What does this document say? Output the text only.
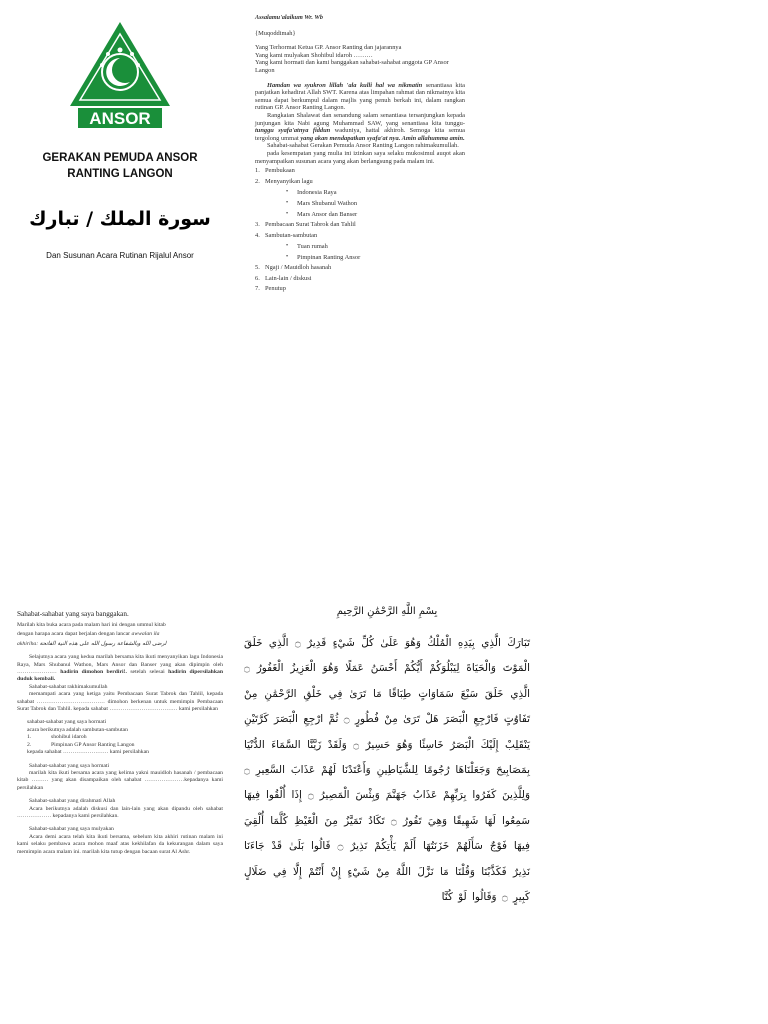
ANSOR
GERAKAN PEMUDA ANSOR
RANTING LANGON
سورة الملك / تبارك
Dan Susunan Acara Rutinan Rijalul Ansor

Assalamu'alaikum Wr. Wb

{Muqoddimah}

Yang Terhormat Ketua GP. Ansor Ranting dan jajarannya

Yang kami mulyakan Shohibul idaroh ………

Yang kami hormati dan kami banggakan sahabat-sahabat anggota GP Ansor Langon

Hamdan wa syukron lillah 'ala kulli hal wa nikmatin senantiasa kita panjatkan kehadirat Allah SWT. Karena atas limpahan rahmat dan nikmatnya kita semua dapat berkumpul dalam majlis yang penuh berkah ini, dalam rangkan rutinan GP. Ansor Ranting Langon.

Rangkaian Shalawat dan senandung salam senantiasa tersanjungkan kepada junjungan kita Nabi agung Muhammad SAW, yang senantiasa kita tunggu-tunggu syafa'atnya fiddun waduniya, hattal akhiroh. Semoga kita semua tergolong ummat yang akan mendapatkan syafa'at nya. Amin allahumma amin.

Sahabat-sahabat Gerakan Pemuda Ansor Ranting Langon rahimakumullah.

pada kesempatan yang mulia ini izinkan saya selaku mukosimul auqot akan menyampaikan susunan acara yang akan berlangsung pada malam ini.

1. Pembukaan
2. Menyanyikan lagu
• Indonesia Raya
• Mars Shubanul Wathon
• Mars Ansor dan Banser
3. Pembacaan Surat Tabrok dan Tahlil
4. Sambutan-sambutan
• Tuan rumah
• Pimpinan Ranting Ansor
5. Ngaji / Mauidloh hasanah
6. Lain-lain / diskusi
7. Penutup

Sahabat-sahabat yang saya banggakan.

Marilah kita buka acara pada malam hari ini dengan ummul kitab

dengan harapa acara dapat berjalan dengan lancar awwalan ila

akhiriha: لرضى الله وبالشفاعة رسول الله على هذه النية الفاتحة

Selajutnya acara yang kedua marilah bersama kita ikuti menyanyikan lagu Indonesia Raya, Mars Shubanul Wathon, Mars Ansor dan Banser yang akan dipimpin oleh ………………… hadirin dimohon berdiri!. setelah selesai hadirin dipersilahkan duduk kembali.

Sahabat-sahabat rakhimakumullah

memampati acara yang ketiga yaitu Pembacaan Surat Tabrok dan Tahlil, kepada sahabat ……………………………… dimohon berkenan untuk memimpin Pembacaan Surat Tabrok dan Tahlil. kepada sahabat ……………………………… kami persilahkan

sahabat-sahabat yang saya hormati

acara berikutnya adalah sambutan-sambutan

1.	shohibul idaroh
2.	Pimpinan GP Ansor Ranting Langon

kepada sahabat …………………… kami persilahkan

Sahabat-sahabat yang saya hormati

marilah kita ikuti bersama acara yang kelima yakni mauidloh hasanah / pembacaan kitab ……… yang akan disampaikan oleh sahabat …………………kepadanya kami persilahkan

Sahabat-sahabat yang dirahmati Allah

Acara berikutnya adalah diskusi dan lain-lain yang akan dipandu oleh sahabat ……………… kepadanya kami persilahkan.

Sahabat-sahabat yang saya mulyakan

Acara demi acara telah kita ikuti bersama, sebelum kita akhiri rutinan malam ini kami selaku pembawa acara mohon maaf atas kekhilafan da kekurangan dalam saya memimpin acara malam ini. marilah kita tutup dengan bacaan surat Al Ashr.

بِسْمِ اللَّهِ الرَّحْمَٰنِ الرَّحِيمِ

تَبَارَكَ الَّذِي بِيَدِهِ الْمُلْكُ وَهُوَ عَلَىٰ كُلِّ شَيْءٍ قَدِيرٌ ۝ الَّذِي خَلَقَ الْمَوْتَ وَالْحَيَاةَ لِيَبْلُوَكُمْ أَيُّكُمْ أَحْسَنُ عَمَلًا وَهُوَ الْعَزِيزُ الْغَفُورُ ۝ الَّذِي خَلَقَ سَبْعَ سَمَاوَاتٍ طِبَاقًا مَا تَرَىٰ فِي خَلْقِ الرَّحْمَٰنِ مِنْ تَفَاوُتٍ فَارْجِعِ الْبَصَرَ هَلْ تَرَىٰ مِنْ فُطُورٍ ۝ ثُمَّ ارْجِعِ الْبَصَرَ كَرَّتَيْنِ يَنْقَلِبْ إِلَيْكَ الْبَصَرُ خَاسِئًا وَهُوَ حَسِيرٌ ۝ وَلَقَدْ زَيَّنَّا السَّمَاءَ الدُّنْيَا بِمَصَابِيحَ وَجَعَلْنَاهَا رُجُومًا لِلشَّيَاطِينِ وَأَعْتَدْنَا لَهُمْ عَذَابَ السَّعِيرِ ۝ وَلِلَّذِينَ كَفَرُوا بِرَبِّهِمْ عَذَابُ جَهَنَّمَ وَبِئْسَ الْمَصِيرُ ۝ إِذَا أُلْقُوا فِيهَا سَمِعُوا لَهَا شَهِيقًا وَهِيَ تَفُورُ ۝ تَكَادُ تَمَيَّزُ مِنَ الْغَيْظِ كُلَّمَا أُلْقِيَ فِيهَا فَوْجٌ سَأَلَهُمْ خَزَنَتُهَا أَلَمْ يَأْتِكُمْ نَذِيرٌ ۝ قَالُوا بَلَىٰ قَدْ جَاءَنَا نَذِيرٌ فَكَذَّبْنَا وَقُلْنَا مَا نَزَّلَ اللَّهُ مِنْ شَيْءٍ إِنْ أَنْتُمْ إِلَّا فِي ضَلَالٍ كَبِيرٍ ۝ وَقَالُوا لَوْ كُنَّا
